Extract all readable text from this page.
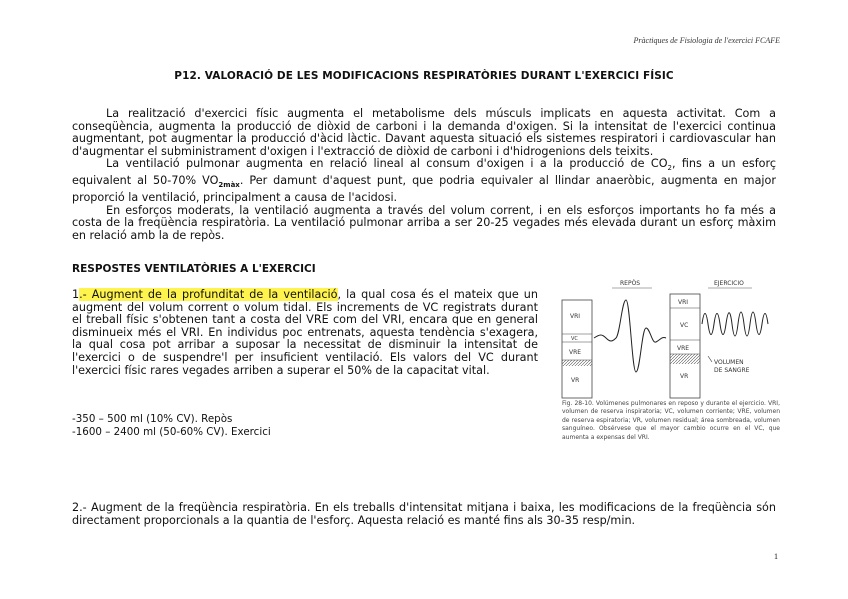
Pràctiques de Fisiologia de l'exercici FCAFE
P12. VALORACIÓ DE LES MODIFICACIONS RESPIRATÒRIES DURANT L'EXERCICI FÍSIC

La realització d'exercici físic augmenta el metabolisme dels músculs implicats en aquesta activitat. Com a conseqüència, augmenta la producció de diòxid de carboni i la demanda d'oxigen. Si la intensitat de l'exercici continua augmentant, pot augmentar la producció d'àcid làctic. Davant aquesta situació els sistemes respiratori i cardiovascular han d'augmentar el subministrament d'oxigen i l'extracció de diòxid de carboni i d'hidrogenions dels teixits.

La ventilació pulmonar augmenta en relació lineal al consum d'oxigen i a la producció de $CO_2$, fins a un esforç equivalent al 50-70% $VO_{2màx}$. Per damunt d'aquest punt, que podria equivaler al llindar anaeròbic, augmenta en major proporció la ventilació, principalment a causa de l'acidosi.

En esforços moderats, la ventilació augmenta a través del volum corrent, i en els esforços importants ho fa més a costa de la freqüència respiratòria. La ventilació pulmonar arriba a ser 20-25 vegades més elevada durant un esforç màxim en relació amb la de repòs.

RESPOSTES VENTILATÒRIES A L'EXERCICI

1.- Augment de la profunditat de la ventilació, la qual cosa és el mateix que un augment del volum corrent o volum tidal. Els increments de VC registrats durant el treball físic s'obtenen tant a costa del VRE com del VRI, encara que en general disminueix més el VRI. En individus poc entrenats, aquesta tendència s'exagera, la qual cosa pot arribar a suposar la necessitat de disminuir la intensitat de l'exercici o de suspendre'l per insuficient ventilació. Els valors del VC durant l'exercici físic rares vegades arriben a superar el 50% de la capacitat vital.

-350 – 500 ml (10% CV). Repòs
-1600 – 2400 ml (50-60% CV). Exercici
REPÒS	EJERCICIO
VRI
VC
VRE
VR
VRI
VC
VRE
VR
VOLUMEN
DE SANGRE
Fig. 28-10. Volúmenes pulmonares en reposo y durante el ejercicio. VRI, volumen de reserva inspiratoria; VC, volumen corriente; VRE, volumen de reserva espiratoria; VR, volumen residual; área sombreada, volumen sanguíneo. Obsérvese que el mayor cambio ocurre en el VC, que aumenta a expensas del VRI.

2.- Augment de la freqüència respiratòria. En els treballs d'intensitat mitjana i baixa, les modificacions de la freqüència són directament proporcionals a la quantia de l'esforç. Aquesta relació es manté fins als 30-35 resp/min.

1
